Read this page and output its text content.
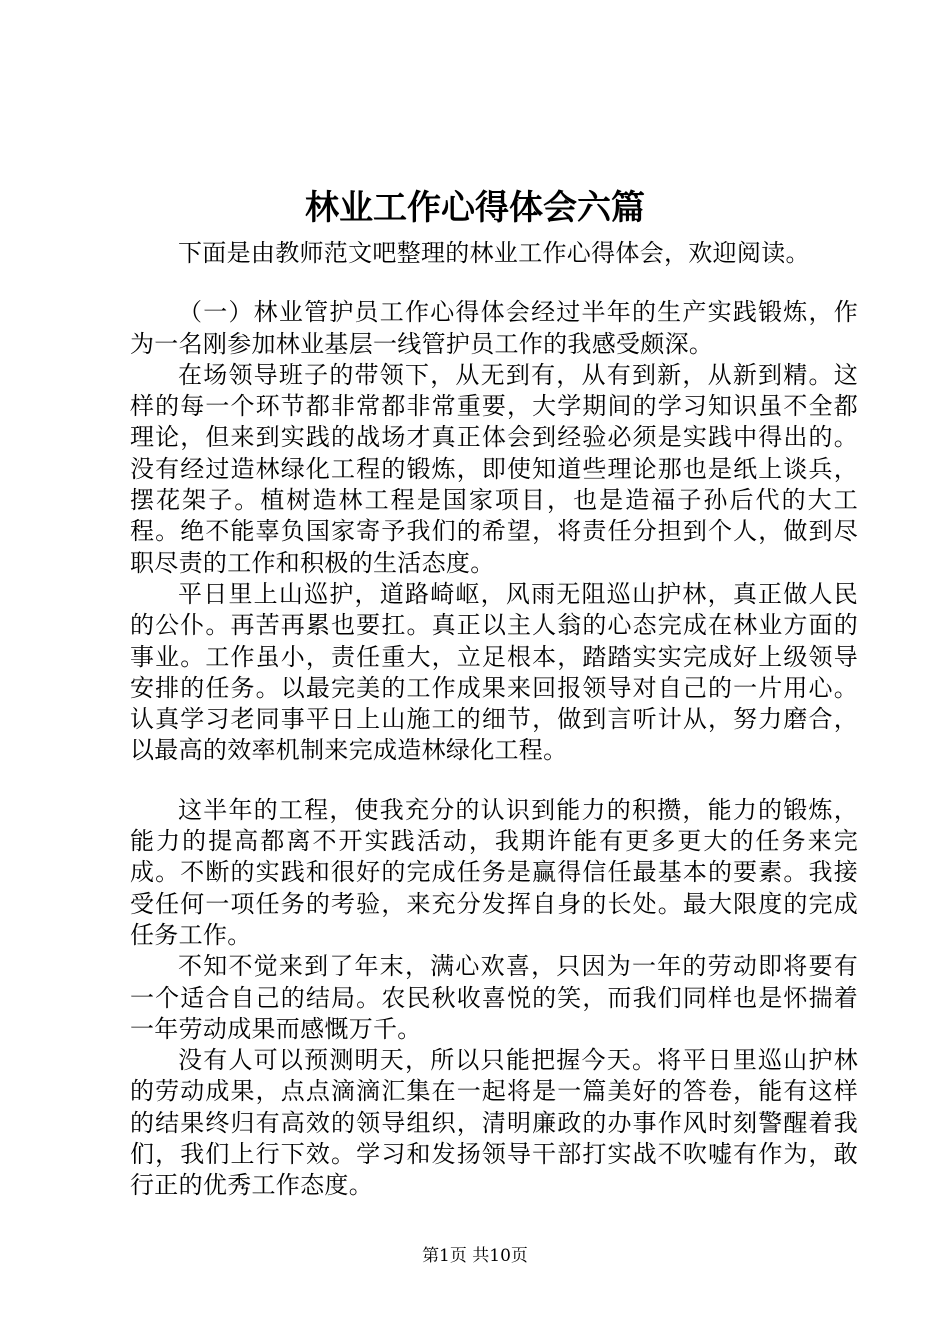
林业工作心得体会六篇

下面是由教师范文吧整理的林业工作心得体会，欢迎阅读。

（一）林业管护员工作心得体会经过半年的生产实践锻炼，作为一名刚参加林业基层一线管护员工作的我感受颇深。

在场领导班子的带领下，从无到有，从有到新，从新到精。这样的每一个环节都非常都非常重要，大学期间的学习知识虽不全都理论，但来到实践的战场才真正体会到经验必须是实践中得出的。没有经过造林绿化工程的锻炼，即使知道些理论那也是纸上谈兵，摆花架子。植树造林工程是国家项目，也是造福子孙后代的大工程。绝不能辜负国家寄予我们的希望，将责任分担到个人，做到尽职尽责的工作和积极的生活态度。

平日里上山巡护，道路崎岖，风雨无阻巡山护林，真正做人民的公仆。再苦再累也要扛。真正以主人翁的心态完成在林业方面的事业。工作虽小，责任重大，立足根本，踏踏实实完成好上级领导安排的任务。以最完美的工作成果来回报领导对自己的一片用心。认真学习老同事平日上山施工的细节，做到言听计从，努力磨合，以最高的效率机制来完成造林绿化工程。

这半年的工程，使我充分的认识到能力的积攒，能力的锻炼，能力的提高都离不开实践活动，我期许能有更多更大的任务来完成。不断的实践和很好的完成任务是赢得信任最基本的要素。我接受任何一项任务的考验，来充分发挥自身的长处。最大限度的完成任务工作。

不知不觉来到了年末，满心欢喜，只因为一年的劳动即将要有一个适合自己的结局。农民秋收喜悦的笑，而我们同样也是怀揣着一年劳动成果而感慨万千。

没有人可以预测明天，所以只能把握今天。将平日里巡山护林的劳动成果，点点滴滴汇集在一起将是一篇美好的答卷，能有这样的结果终归有高效的领导组织，清明廉政的办事作风时刻警醒着我们，我们上行下效。学习和发扬领导干部打实战不吹嘘有作为，敢行正的优秀工作态度。

第1页 共10页
